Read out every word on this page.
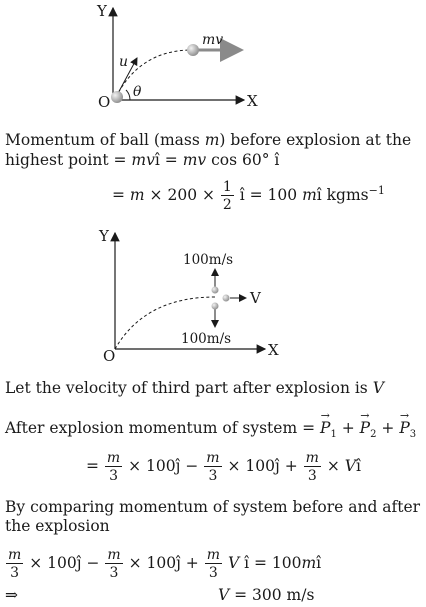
Y
X
O
u
θ
mv
Momentum of ball (mass m) before explosion at the
highest point = mvî = mv cos 60° î
= $m \times 200 \times \frac{1}{2}$ î = 100 mî kgms$^{-1}$
Y
X
O
100m/s
100m/s
V
Let the velocity of third part after explosion is V
After explosion momentum of system = → $P_1$ + → $P_2$ + → $P_3$
= $\frac{m}{3}$ × 100ĵ − $\frac{m}{3}$ × 100ĵ + $\frac{m}{3}$ × Vî
By comparing momentum of system before and after
the explosion
$\frac{m}{3}$ × 100ĵ − $\frac{m}{3}$ × 100ĵ + $\frac{m}{3}$ V î = 100mî
⇒	V = 300 m/s
